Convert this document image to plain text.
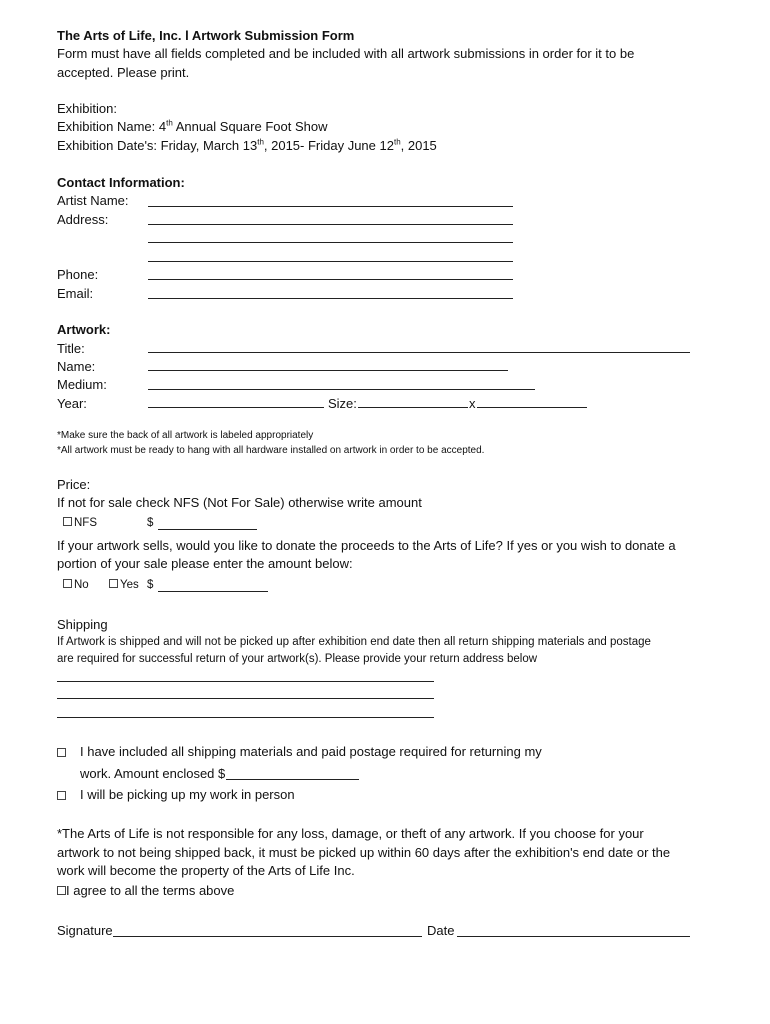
The Arts of Life, Inc. l Artwork Submission Form
Form must have all fields completed and be included with all artwork submissions in order for it to be
accepted. Please print.
Exhibition:
Exhibition Name: 4th Annual Square Foot Show
Exhibition Date's: Friday, March 13th, 2015- Friday June 12th, 2015
Contact Information:
Artist Name:
Address:
Phone:
Email:
Artwork:
Title:
Name:
Medium:
Year:	Size:	x
*Make sure the back of all artwork is labeled appropriately
*All artwork must be ready to hang with all hardware installed on artwork in order to be accepted.
Price:
If not for sale check NFS (Not For Sale) otherwise write amount
NFS	$
If your artwork sells, would you like to donate the proceeds to the Arts of Life? If yes or you wish to donate a
portion of your sale please enter the amount below:
No	Yes $
Shipping
If Artwork is shipped and will not be picked up after exhibition end date then all return shipping materials and postage
are required for successful return of your artwork(s). Please provide your return address below
I have included all shipping materials and paid postage required for returning my
work. Amount enclosed $
I will be picking up my work in person
*The Arts of Life is not responsible for any loss, damage, or theft of any artwork. If you choose for your
artwork to not being shipped back, it must be picked up within 60 days after the exhibition's end date or the
work will become the property of the Arts of Life Inc.
I agree to all the terms above
Signature	Date
